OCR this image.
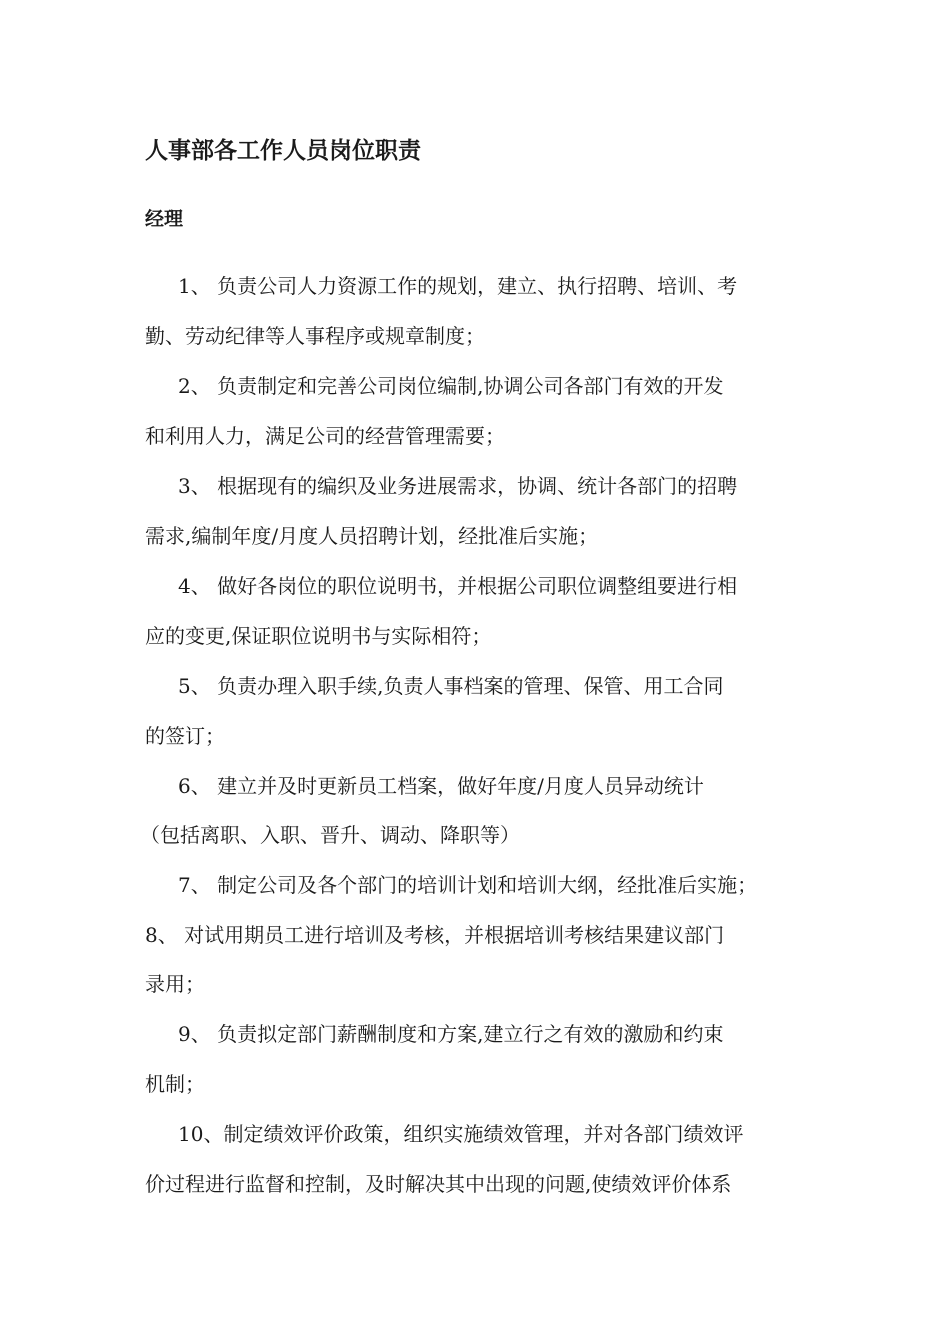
人事部各工作人员岗位职责
经理

1、 负责公司人力资源工作的规划，建立、执行招聘、培训、考

勤、劳动纪律等人事程序或规章制度；

2、 负责制定和完善公司岗位编制,协调公司各部门有效的开发

和利用人力，满足公司的经营管理需要；

3、 根据现有的编织及业务进展需求，协调、统计各部门的招聘

需求,编制年度/月度人员招聘计划，经批准后实施；

4、 做好各岗位的职位说明书，并根据公司职位调整组要进行相

应的变更,保证职位说明书与实际相符；

5、 负责办理入职手续,负责人事档案的管理、保管、用工合同

的签订；

6、 建立并及时更新员工档案，做好年度/月度人员异动统计

（包括离职、入职、晋升、调动、降职等）

7、 制定公司及各个部门的培训计划和培训大纲，经批准后实施；

8、 对试用期员工进行培训及考核，并根据培训考核结果建议部门

录用；

9、 负责拟定部门薪酬制度和方案,建立行之有效的激励和约束

机制；

10、制定绩效评价政策，组织实施绩效管理，并对各部门绩效评

价过程进行监督和控制，及时解决其中出现的问题,使绩效评价体系
